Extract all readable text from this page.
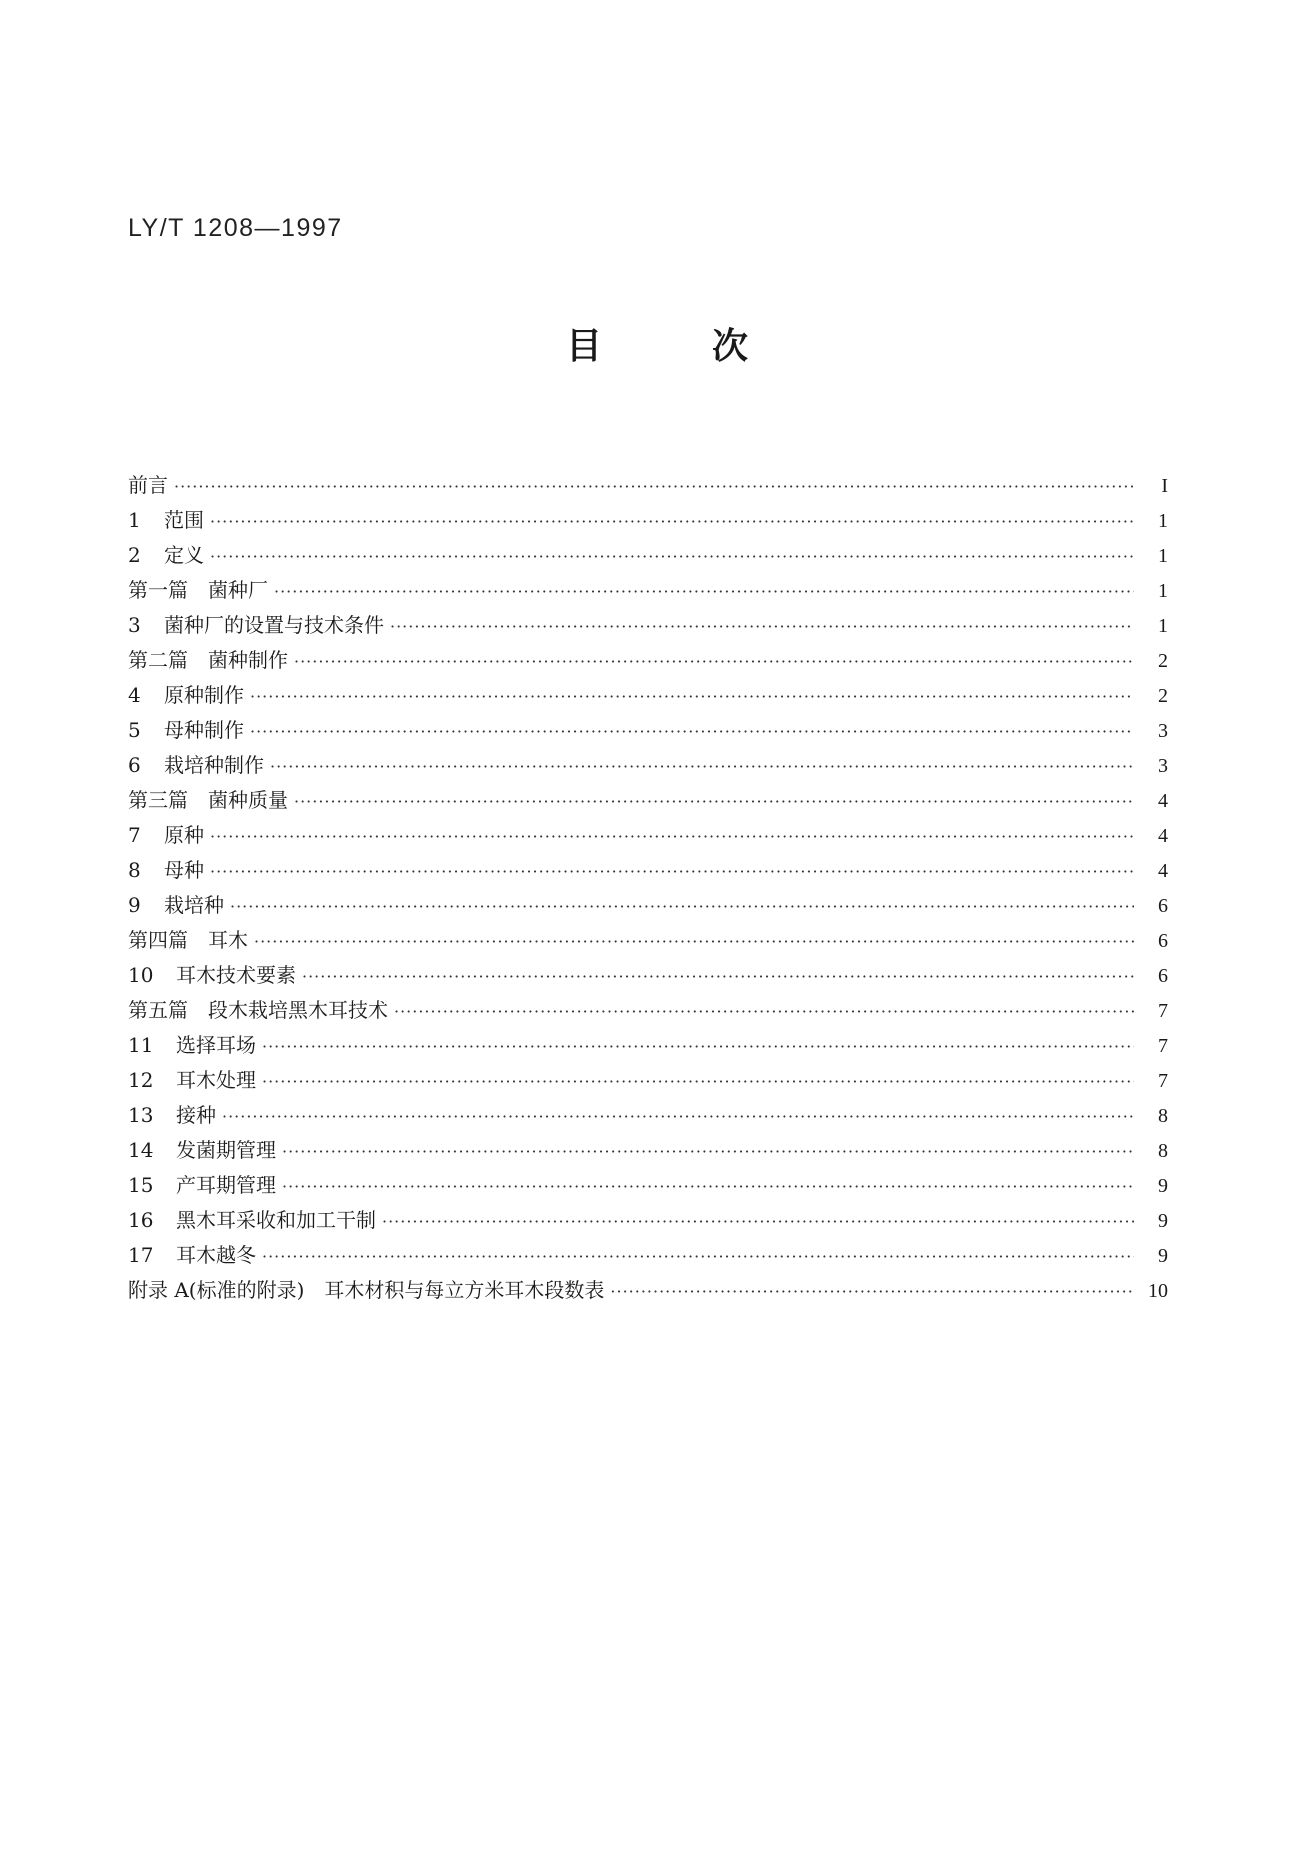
LY/T 1208—1997
目	次
前言 ·····	I
1	范围 ·····	1
2	定义 ·····	1
第一篇　菌种厂 ·····	1
3	菌种厂的设置与技术条件 ·····	1
第二篇　菌种制作 ·····	2
4	原种制作 ·····	2
5	母种制作 ·····	3
6	栽培种制作 ·····	3
第三篇　菌种质量 ·····	4
7	原种 ·····	4
8	母种 ·····	4
9	栽培种 ·····	6
第四篇　耳木 ·····	6
10	耳木技术要素 ·····	6
第五篇　段木栽培黑木耳技术 ·····	7
11	选择耳场 ·····	7
12	耳木处理 ·····	7
13	接种 ·····	8
14	发菌期管理 ·····	8
15	产耳期管理 ·····	9
16	黑木耳采收和加工干制 ·····	9
17	耳木越冬 ·····	9
附录 A(标准的附录)　耳木材积与每立方米耳木段数表 ·····	10
